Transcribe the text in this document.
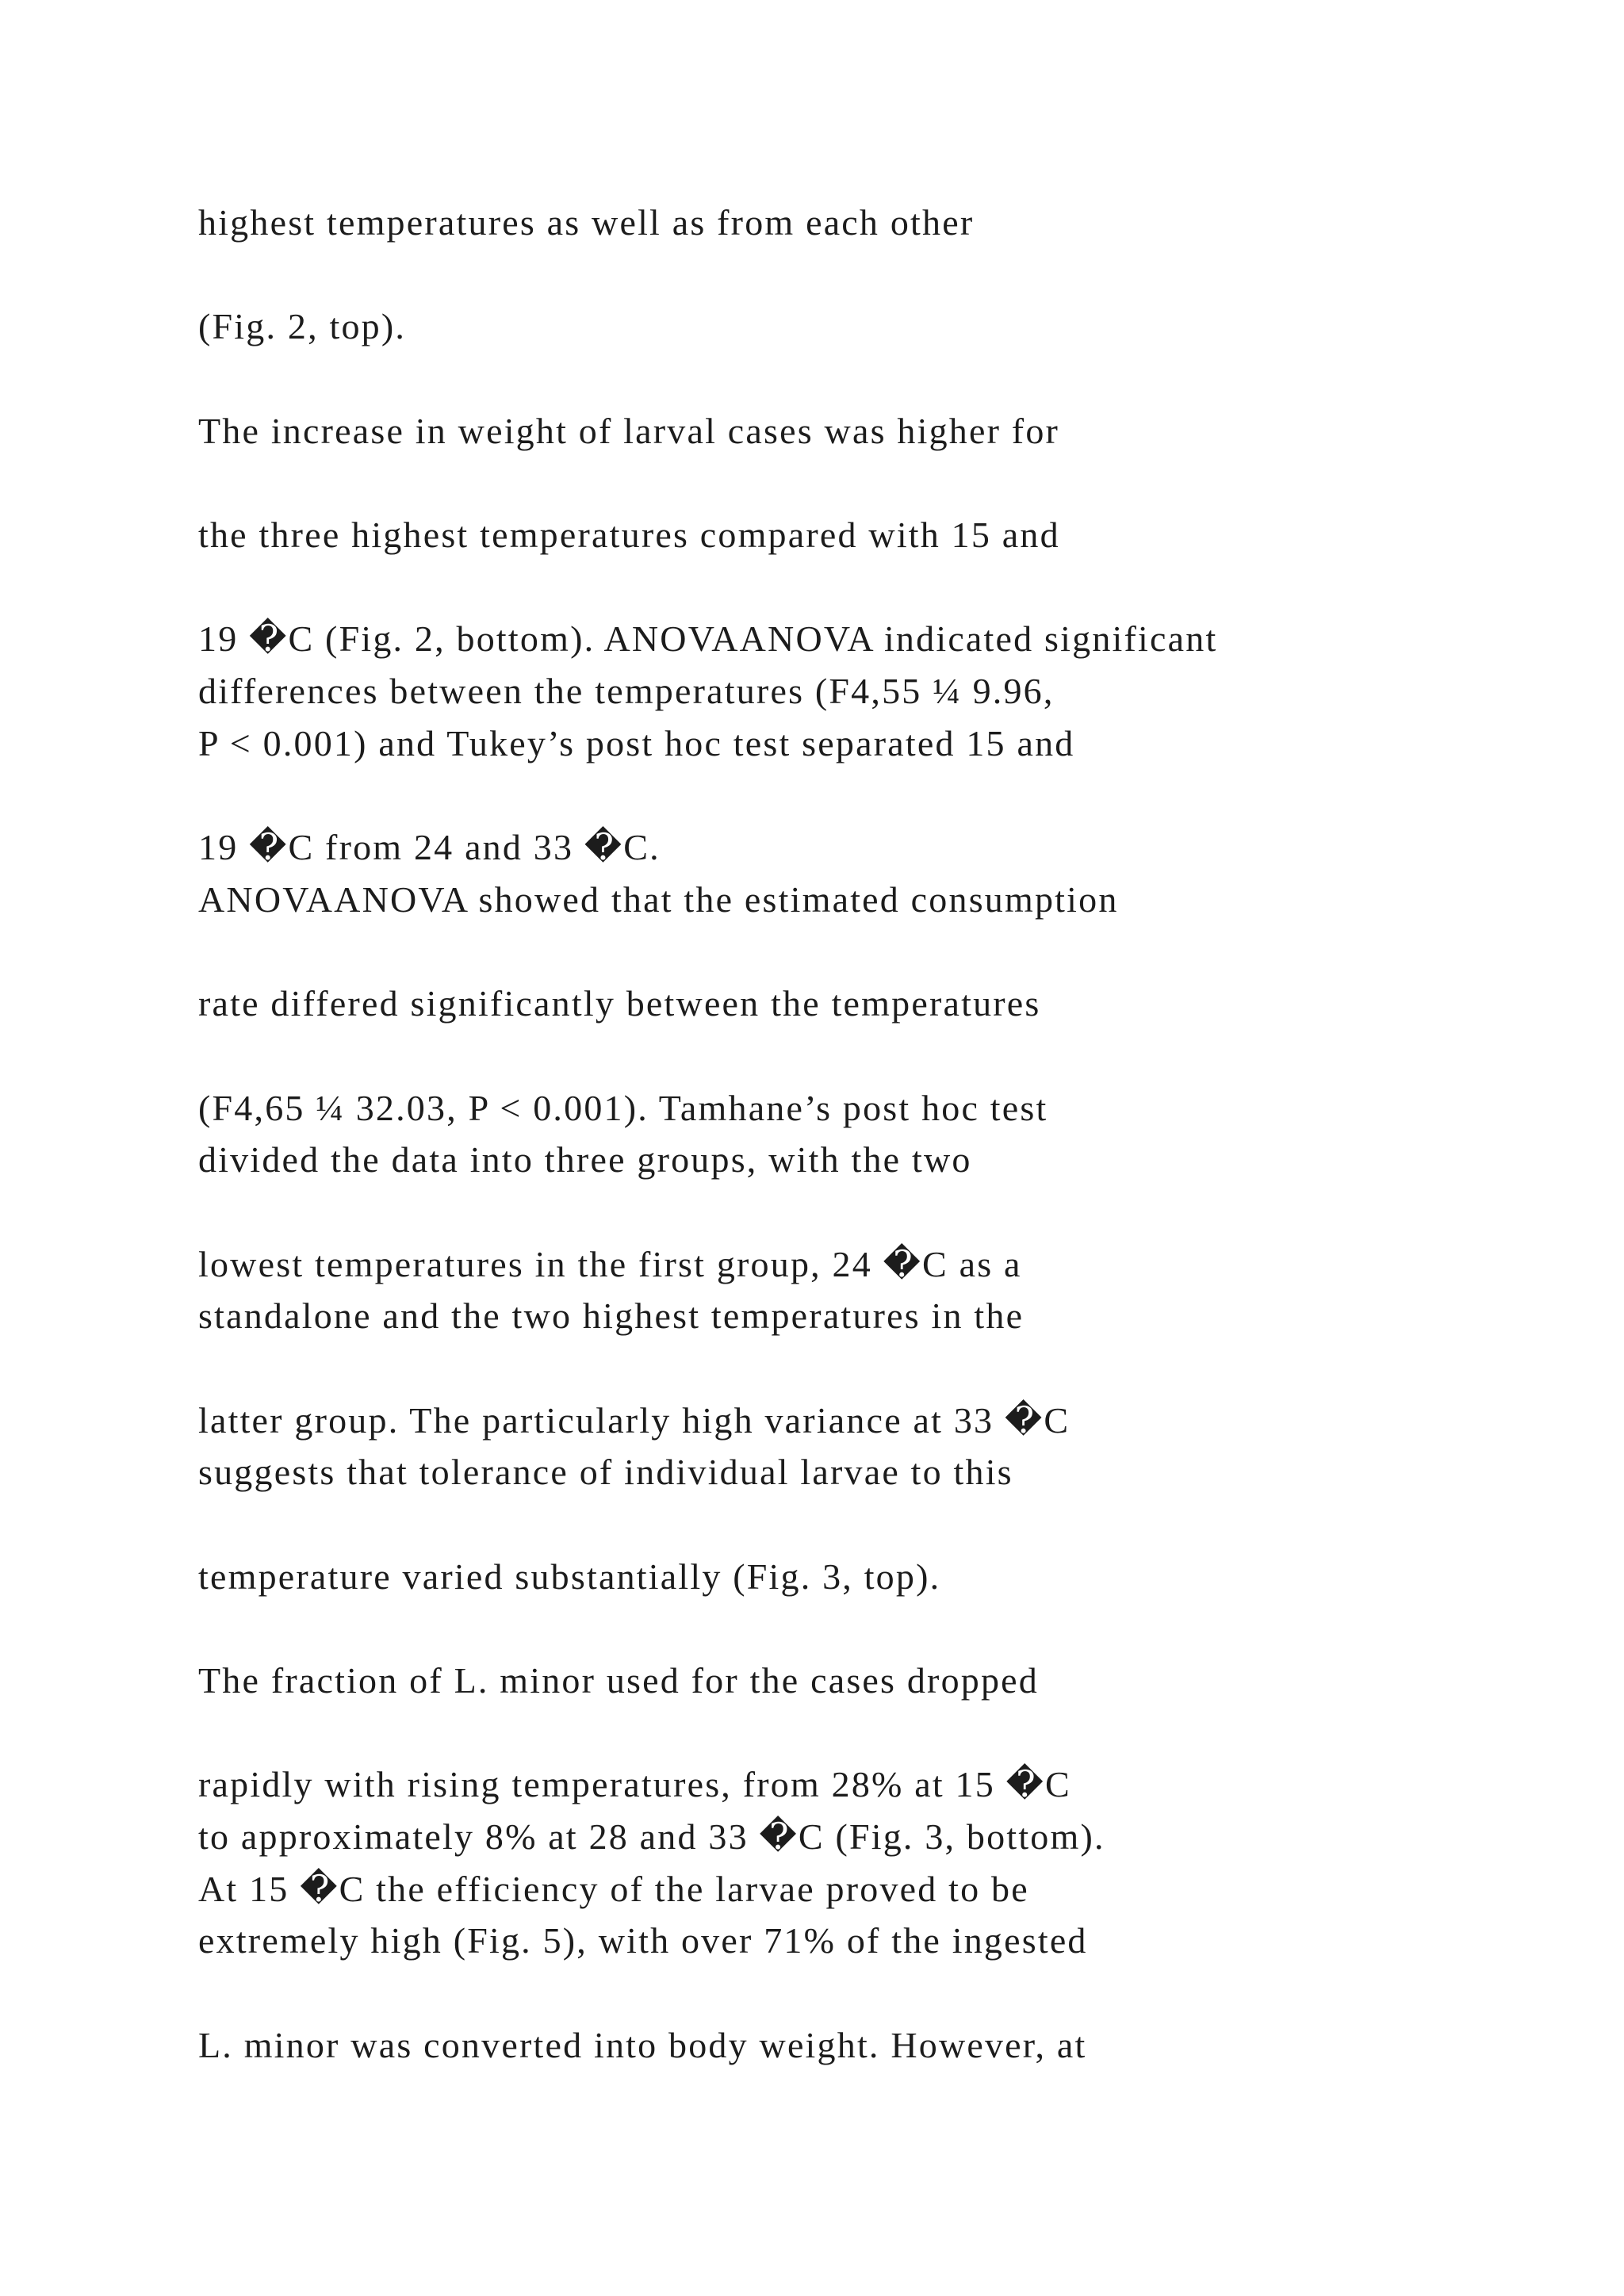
highest temperatures as well as from each other

(Fig. 2, top).

The increase in weight of larval cases was higher for

the three highest temperatures compared with 15 and

19 �C (Fig. 2, bottom). ANOVAANOVA indicated significant

differences between the temperatures (F4,55 ¼ 9.96,

P < 0.001) and Tukey’s post hoc test separated 15 and

19 �C from 24 and 33 �C.

ANOVAANOVA showed that the estimated consumption

rate differed significantly between the temperatures

(F4,65 ¼ 32.03, P < 0.001). Tamhane’s post hoc test

divided the data into three groups, with the two

lowest temperatures in the first group, 24 �C as a

standalone and the two highest temperatures in the

latter group. The particularly high variance at 33 �C

suggests that tolerance of individual larvae to this

temperature varied substantially (Fig. 3, top).

The fraction of L. minor used for the cases dropped

rapidly with rising temperatures, from 28% at 15 �C

to approximately 8% at 28 and 33 �C (Fig. 3, bottom).

At 15 �C the efficiency of the larvae proved to be

extremely high (Fig. 5), with over 71% of the ingested

L. minor was converted into body weight. However, at
